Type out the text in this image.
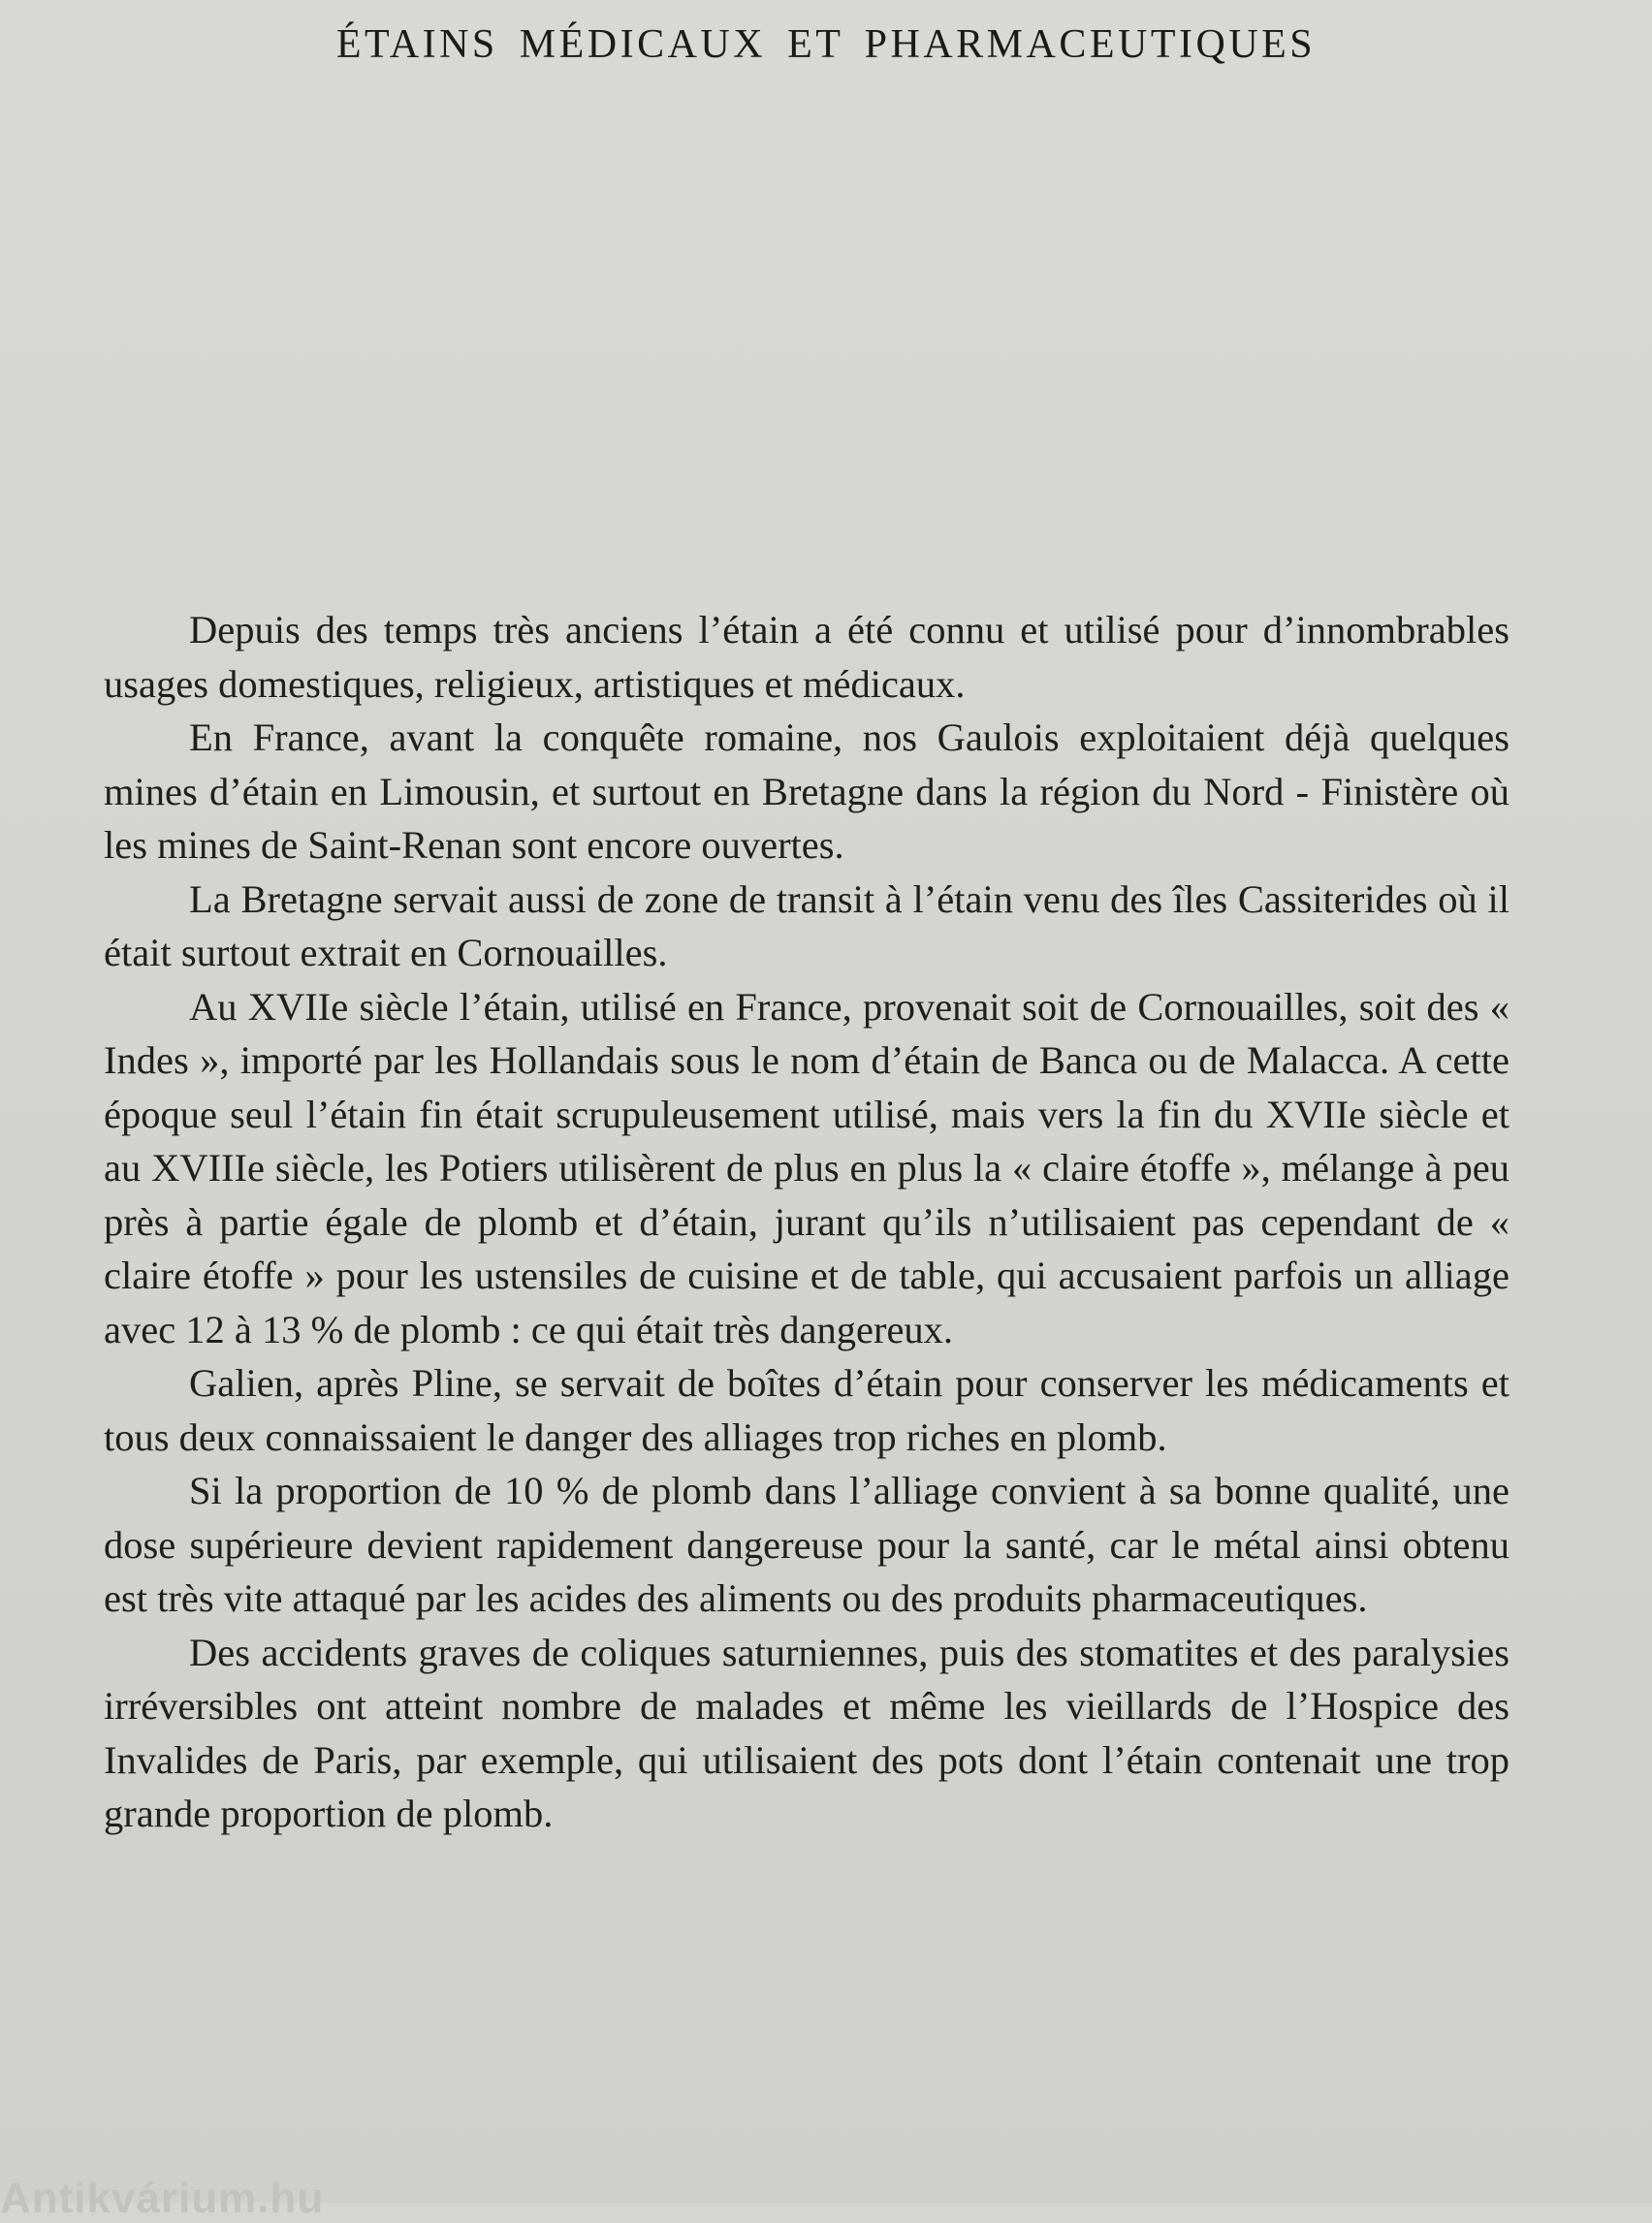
ÉTAINS MÉDICAUX ET PHARMACEUTIQUES

Depuis des temps très anciens l’étain a été connu et utilisé pour d’innombrables usages domestiques, religieux, artistiques et médicaux.

En France, avant la conquête romaine, nos Gaulois exploitaient déjà quelques mines d’étain en Limousin, et surtout en Bretagne dans la région du Nord - Finistère où les mines de Saint-Renan sont encore ouvertes.

La Bretagne servait aussi de zone de transit à l’étain venu des îles Cassiterides où il était surtout extrait en Cornouailles.

Au XVIIe siècle l’étain, utilisé en France, provenait soit de Cornouailles, soit des « Indes », importé par les Hollandais sous le nom d’étain de Banca ou de Malacca. A cette époque seul l’étain fin était scrupuleusement utilisé, mais vers la fin du XVIIe siècle et au XVIIIe siècle, les Potiers utilisèrent de plus en plus la « claire étoffe », mélange à peu près à partie égale de plomb et d’étain, jurant qu’ils n’utilisaient pas cependant de « claire étoffe » pour les ustensiles de cuisine et de table, qui accusaient parfois un alliage avec 12 à 13 % de plomb : ce qui était très dangereux.

Galien, après Pline, se servait de boîtes d’étain pour conserver les médicaments et tous deux connaissaient le danger des alliages trop riches en plomb.

Si la proportion de 10 % de plomb dans l’alliage convient à sa bonne qualité, une dose supérieure devient rapidement dangereuse pour la santé, car le métal ainsi obtenu est très vite attaqué par les acides des aliments ou des produits pharmaceutiques.

Des accidents graves de coliques saturniennes, puis des stomatites et des paralysies irréversibles ont atteint nombre de malades et même les vieillards de l’Hospice des Invalides de Paris, par exemple, qui utilisaient des pots dont l’étain contenait une trop grande proportion de plomb.

Antikvárium.hu
